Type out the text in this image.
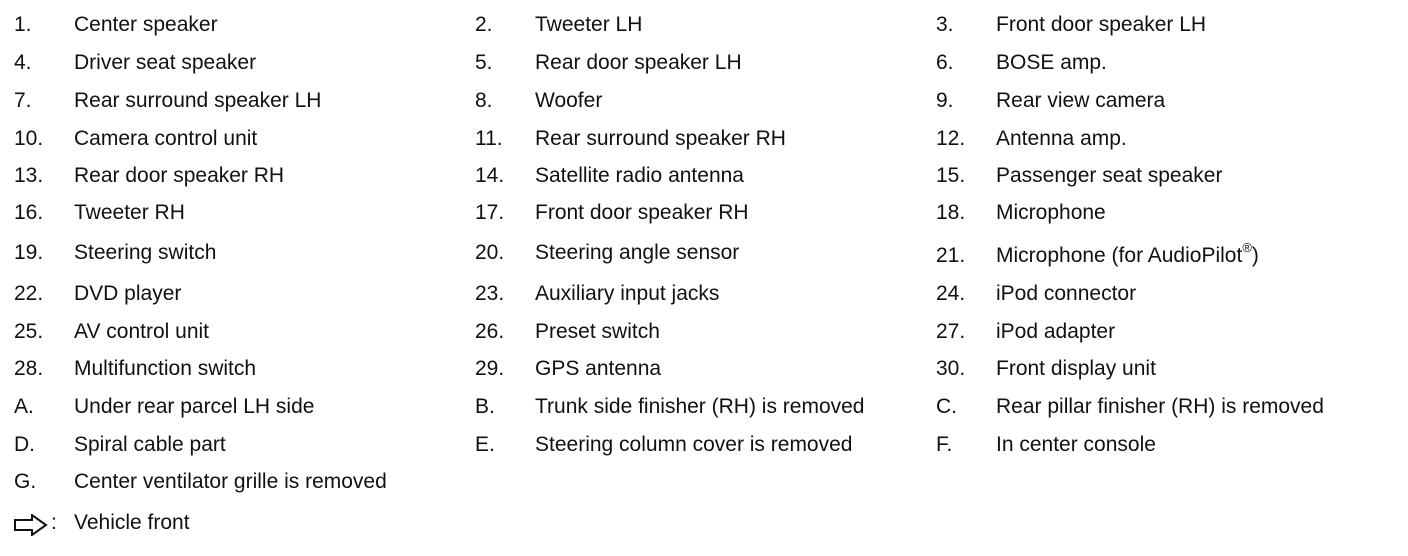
: Vehicle front
1. Center speaker	2. Tweeter LH	3. Front door speaker LH
4. Driver seat speaker	5. Rear door speaker LH	6. BOSE amp.
7. Rear surround speaker LH	8. Woofer	9. Rear view camera
10. Camera control unit	11. Rear surround speaker RH	12. Antenna amp.
13. Rear door speaker RH	14. Satellite radio antenna	15. Passenger seat speaker
16. Tweeter RH	17. Front door speaker RH	18. Microphone
19. Steering switch	20. Steering angle sensor	21. Microphone (for AudioPilot®)
22. DVD player	23. Auxiliary input jacks	24. iPod connector
25. AV control unit	26. Preset switch	27. iPod adapter
28. Multifunction switch	29. GPS antenna	30. Front display unit
A. Under rear parcel LH side	B. Trunk side finisher (RH) is removed	C. Rear pillar finisher (RH) is removed
D. Spiral cable part	E. Steering column cover is removed	F. In center console
G. Center ventilator grille is removed
